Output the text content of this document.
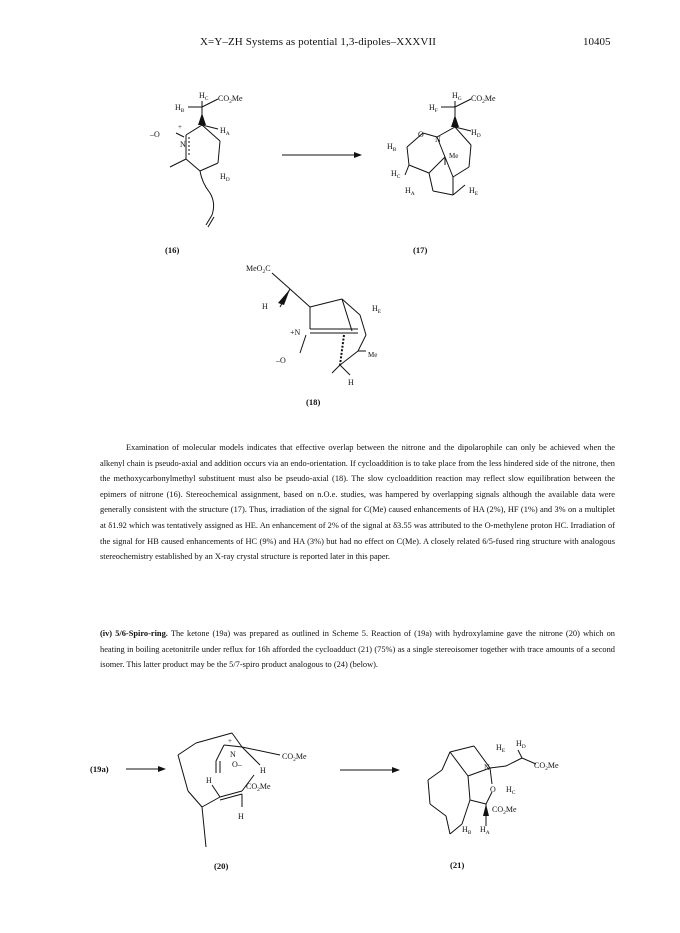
X=Y–ZH Systems as potential 1,3-dipoles–XXXVII	10405
$H_C$
$H_B$
$CO_2Me$
$H_A$
$H_D$
–O
+
N
(16)
$H_G$
$H_F$
$CO_2Me$
$H_D$
O
N
Me
$H_B$
$H_C$
$H_A$	$H_E$
(17)
MeO$_2$C
H	$H_E$
+N
–O
Me
H
(18)
Examination of molecular models indicates that effective overlap between the nitrone and the dipolarophile can only be achieved when the alkenyl chain is pseudo-axial and addition occurs via an endo-orientation. If cycloaddition is to take place from the less hindered side of the nitrone, then the methoxycarbonylmethyl substituent must also be pseudo-axial (18). The slow cycloaddition reaction may reflect slow equilibration between the epimers of nitrone (16). Stereochemical assignment, based on n.O.e. studies, was hampered by overlapping signals although the available data were generally consistent with the structure (17). Thus, irradiation of the signal for C(Me) caused enhancements of HA (2%), HF (1%) and 3% on a multiplet at δ1.92 which was tentatively assigned as HE. An enhancement of 2% of the signal at δ3.55 was attributed to the O-methylene proton HC. Irradiation of the signal for HB caused enhancements of HC (9%) and HA (3%) but had no effect on C(Me). A closely related 6/5-fused ring structure with analogous stereochemistry established by an X-ray crystal structure is reported later in this paper.
(iv) 5/6-Spiro-ring. The ketone (19a) was prepared as outlined in Scheme 5. Reaction of (19a) with hydroxylamine gave the nitrone (20) which on heating in boiling acetonitrile under reflux for 16h afforded the cycloadduct (21) (75%) as a single stereoisomer together with trace amounts of a second isomer. This latter product may be the 5/7-spiro product analogous to (24) (below).
(19a)
+
N	$CO_2Me$
O–
H
H
$CO_2Me$
H
(20)
$H_E$
$H_D$
$CO_2Me$
N
O $H_C$
$CO_2Me$
$H_B$ $H_A$
(21)
